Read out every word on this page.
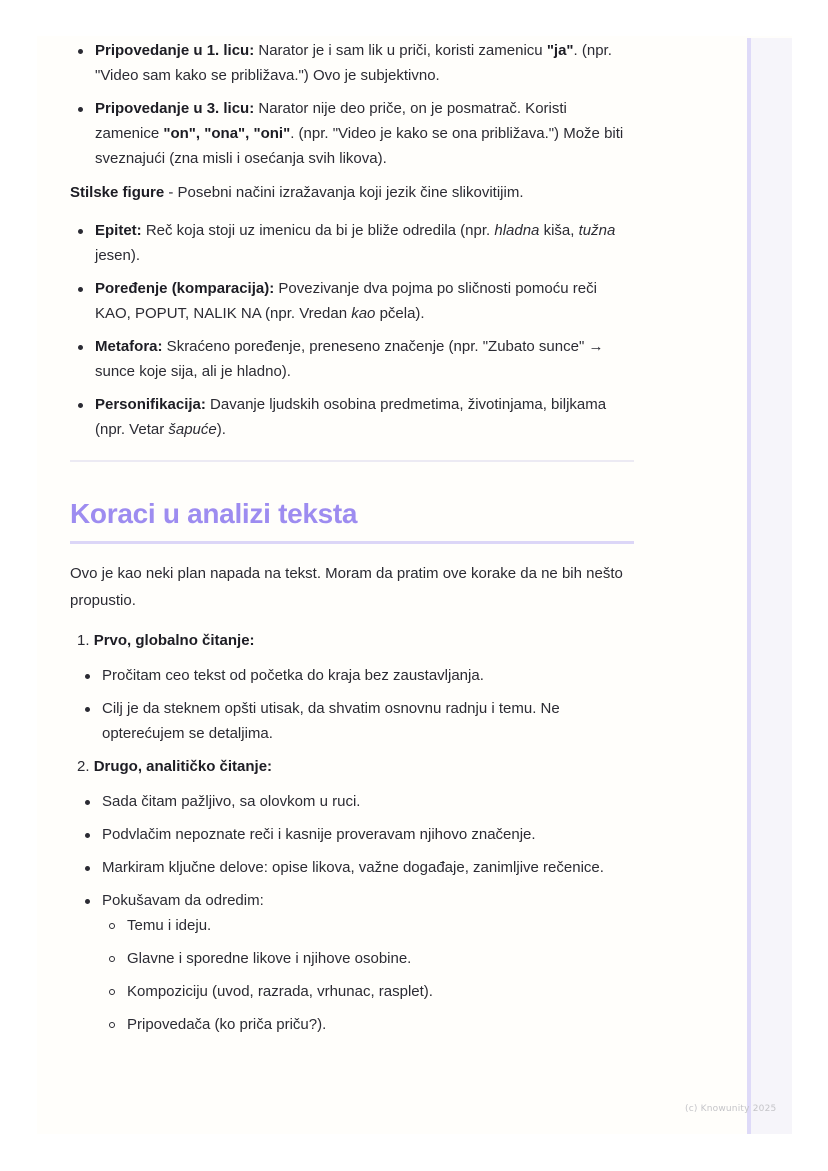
Pripovedanje u 1. licu: Narator je i sam lik u priči, koristi zamenicu "ja". (npr. "Video sam kako se približava.") Ovo je subjektivno.
Pripovedanje u 3. licu: Narator nije deo priče, on je posmatrač. Koristi zamenice "on", "ona", "oni". (npr. "Video je kako se ona približava.") Može biti sveznajući (zna misli i osećanja svih likova).

Stilske figure - Posebni načini izražavanja koji jezik čine slikovitijim.

Epitet: Reč koja stoji uz imenicu da bi je bliže odredila (npr. hladna kiša, tužna jesen).
Poređenje (komparacija): Povezivanje dva pojma po sličnosti pomoću reči KAO, POPUT, NALIK NA (npr. Vredan kao pčela).
Metafora: Skraćeno poređenje, preneseno značenje (npr. "Zubato sunce" → sunce koje sija, ali je hladno).
Personifikacija: Davanje ljudskih osobina predmetima, životinjama, biljkama (npr. Vetar šapuće).
Koraci u analizi teksta

Ovo je kao neki plan napada na tekst. Moram da pratim ove korake da ne bih nešto propustio.

1. Prvo, globalno čitanje:
Pročitam ceo tekst od početka do kraja bez zaustavljanja.
Cilj je da steknem opšti utisak, da shvatim osnovnu radnju i temu. Ne opterećujem se detaljima.
2. Drugo, analitičko čitanje:
Sada čitam pažljivo, sa olovkom u ruci.
Podvlačim nepoznate reči i kasnije proveravam njihovo značenje.
Markiram ključne delove: opise likova, važne događaje, zanimljive rečenice.
Pokušavam da odredim:
Temu i ideju.
Glavne i sporedne likove i njihove osobine.
Kompoziciju (uvod, razrada, vrhunac, rasplet).
Pripovedača (ko priča priču?).
(c) Knowunity 2025
